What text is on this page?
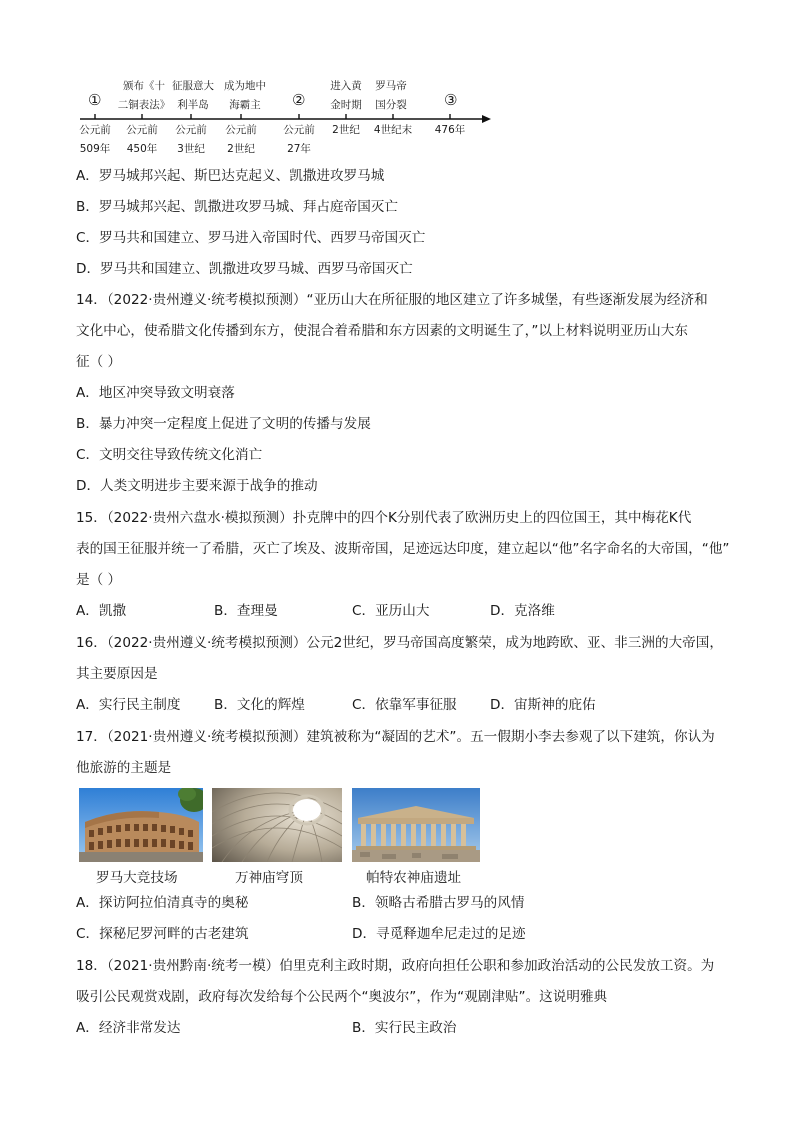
①	②	③
颁布《十
二铜表法》
征服意大
利半岛
成为地中
海霸主
进入黄
金时期
罗马帝
国分裂
公元前
509年
公元前
450年
公元前
3世纪
公元前
2世纪
公元前
27年
2世纪	4世纪末	476年
A．罗马城邦兴起、斯巴达克起义、凯撒进攻罗马城
B．罗马城邦兴起、凯撒进攻罗马城、拜占庭帝国灭亡
C．罗马共和国建立、罗马进入帝国时代、西罗马帝国灭亡
D．罗马共和国建立、凯撒进攻罗马城、西罗马帝国灭亡
14．（2022·贵州遵义·统考模拟预测）“亚历山大在所征服的地区建立了许多城堡，有些逐渐发展为经济和
文化中心，使希腊文化传播到东方，使混合着希腊和东方因素的文明诞生了，”以上材料说明亚历山大东
征（ ）
A．地区冲突导致文明衰落
B．暴力冲突一定程度上促进了文明的传播与发展
C．文明交往导致传统文化消亡
D．人类文明进步主要来源于战争的推动
15．（2022·贵州六盘水·模拟预测）扑克牌中的四个K分别代表了欧洲历史上的四位国王，其中梅花K代
表的国王征服并统一了希腊，灭亡了埃及、波斯帝国，足迹远达印度，建立起以“他”名字命名的大帝国，“他”
是（ ）
A．凯撒	B．查理曼	C．亚历山大	D．克洛维
16．（2022·贵州遵义·统考模拟预测）公元2世纪，罗马帝国高度繁荣，成为地跨欧、亚、非三洲的大帝国，
其主要原因是
A．实行民主制度 B．文化的辉煌	C．依靠军事征服 D．宙斯神的庇佑
17．（2021·贵州遵义·统考模拟预测）建筑被称为“凝固的艺术”。五一假期小李去参观了以下建筑，你认为
他旅游的主题是
罗马大竞技场	万神庙穹顶	帕特农神庙遗址
A．探访阿拉伯清真寺的奥秘	B．领略古希腊古罗马的风情
C．探秘尼罗河畔的古老建筑	D．寻觅释迦牟尼走过的足迹
18．（2021·贵州黔南·统考一模）伯里克利主政时期，政府向担任公职和参加政治活动的公民发放工资。为
吸引公民观赏戏剧，政府每次发给每个公民两个“奥波尔”，作为“观剧津贴”。这说明雅典
A．经济非常发达	B．实行民主政治
